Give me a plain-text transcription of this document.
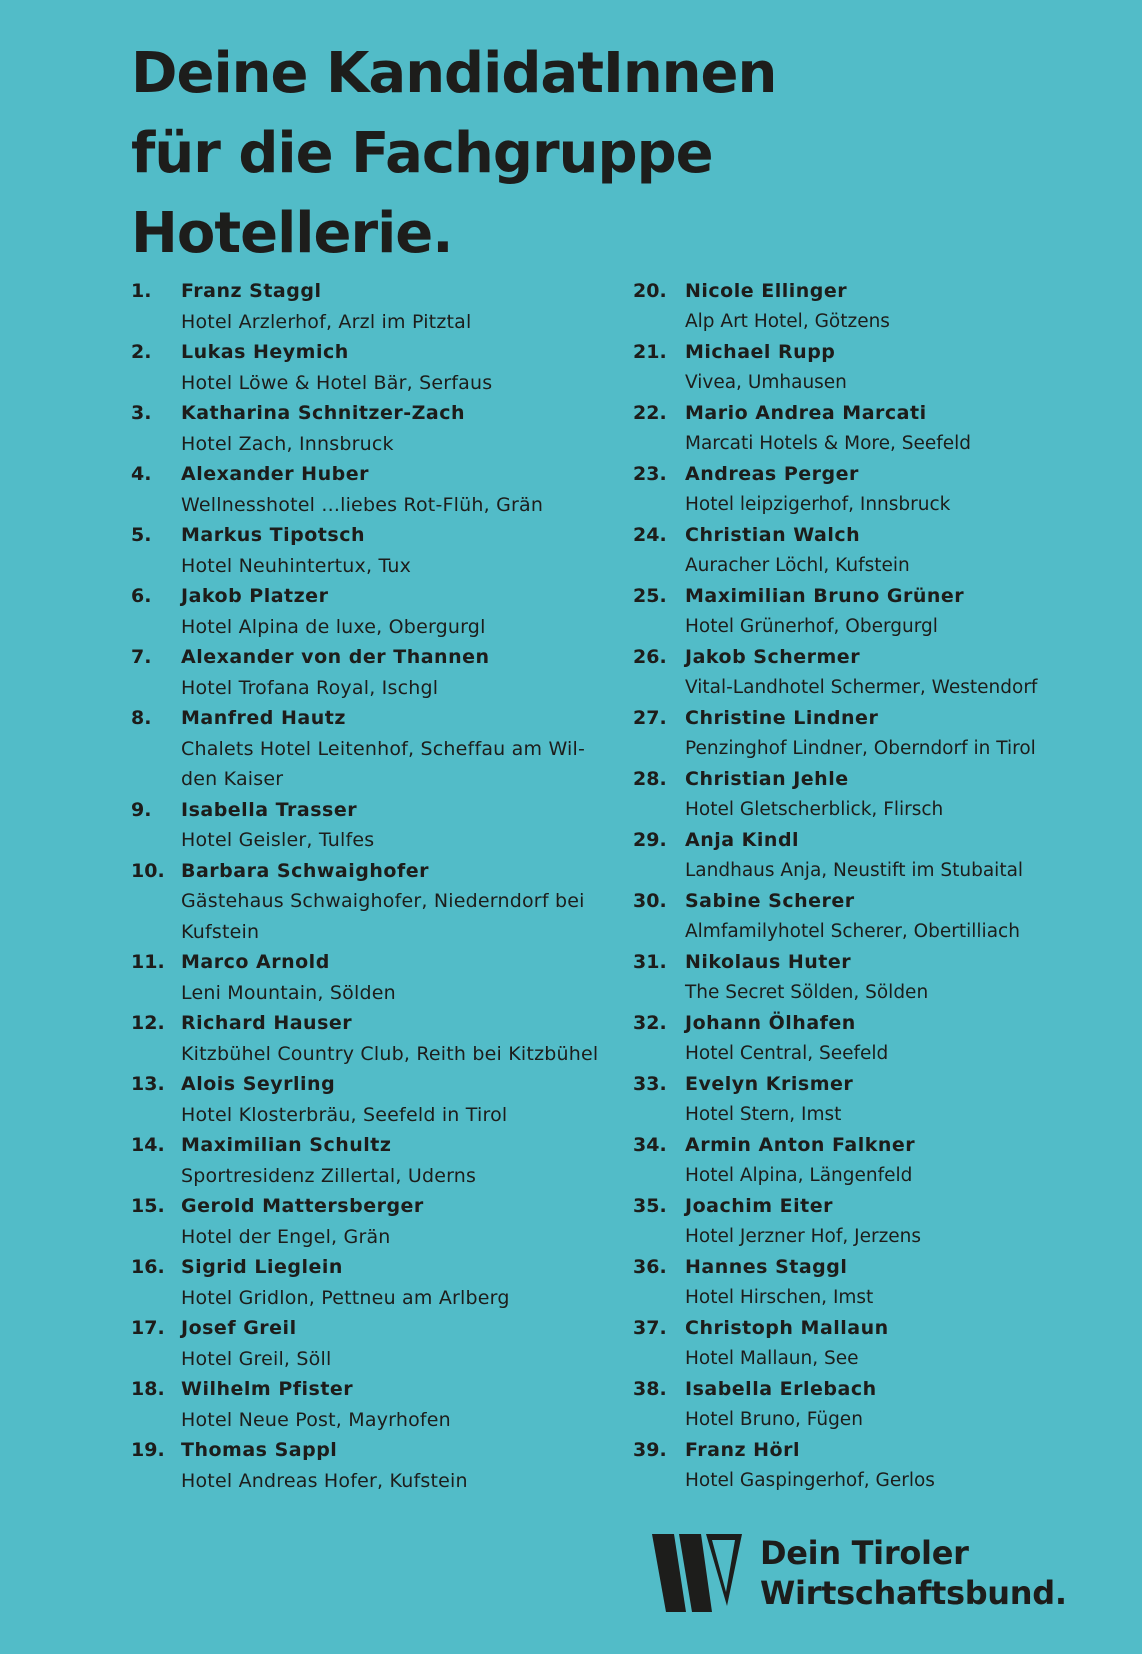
Deine KandidatInnen
für die Fachgruppe
Hotellerie.
1.	Franz Staggl
Hotel Arzlerhof, Arzl im Pitztal
2.	Lukas Heymich
Hotel Löwe & Hotel Bär, Serfaus
3.	Katharina Schnitzer-Zach
Hotel Zach, Innsbruck
4.	Alexander Huber
Wellnesshotel ...liebes Rot-Flüh, Grän
5.	Markus Tipotsch
Hotel Neuhintertux, Tux
6.	Jakob Platzer
Hotel Alpina de luxe, Obergurgl
7.	Alexander von der Thannen
Hotel Trofana Royal, Ischgl
8.	Manfred Hautz
Chalets Hotel Leitenhof, Scheffau am Wil-
den Kaiser
9.	Isabella Trasser
Hotel Geisler, Tulfes
10. Barbara Schwaighofer
Gästehaus Schwaighofer, Niederndorf bei
Kufstein
11. Marco Arnold
Leni Mountain, Sölden
12. Richard Hauser
Kitzbühel Country Club, Reith bei Kitzbühel
13. Alois Seyrling
Hotel Klosterbräu, Seefeld in Tirol
14. Maximilian Schultz
Sportresidenz Zillertal, Uderns
15. Gerold Mattersberger
Hotel der Engel, Grän
16. Sigrid Lieglein
Hotel Gridlon, Pettneu am Arlberg
17. Josef Greil
Hotel Greil, Söll
18. Wilhelm Pfister
Hotel Neue Post, Mayrhofen
19. Thomas Sappl
Hotel Andreas Hofer, Kufstein
20. Nicole Ellinger
Alp Art Hotel, Götzens
21. Michael Rupp
Vivea, Umhausen
22. Mario Andrea Marcati
Marcati Hotels & More, Seefeld
23. Andreas Perger
Hotel leipzigerhof, Innsbruck
24. Christian Walch
Auracher Löchl, Kufstein
25. Maximilian Bruno Grüner
Hotel Grünerhof, Obergurgl
26. Jakob Schermer
Vital-Landhotel Schermer, Westendorf
27. Christine Lindner
Penzinghof Lindner, Oberndorf in Tirol
28. Christian Jehle
Hotel Gletscherblick, Flirsch
29. Anja Kindl
Landhaus Anja, Neustift im Stubaital
30. Sabine Scherer
Almfamilyhotel Scherer, Obertilliach
31. Nikolaus Huter
The Secret Sölden, Sölden
32. Johann Ölhafen
Hotel Central, Seefeld
33. Evelyn Krismer
Hotel Stern, Imst
34. Armin Anton Falkner
Hotel Alpina, Längenfeld
35. Joachim Eiter
Hotel Jerzner Hof, Jerzens
36. Hannes Staggl
Hotel Hirschen, Imst
37. Christoph Mallaun
Hotel Mallaun, See
38. Isabella Erlebach
Hotel Bruno, Fügen
39. Franz Hörl
Hotel Gaspingerhof, Gerlos
Dein Tiroler
Wirtschaftsbund.
